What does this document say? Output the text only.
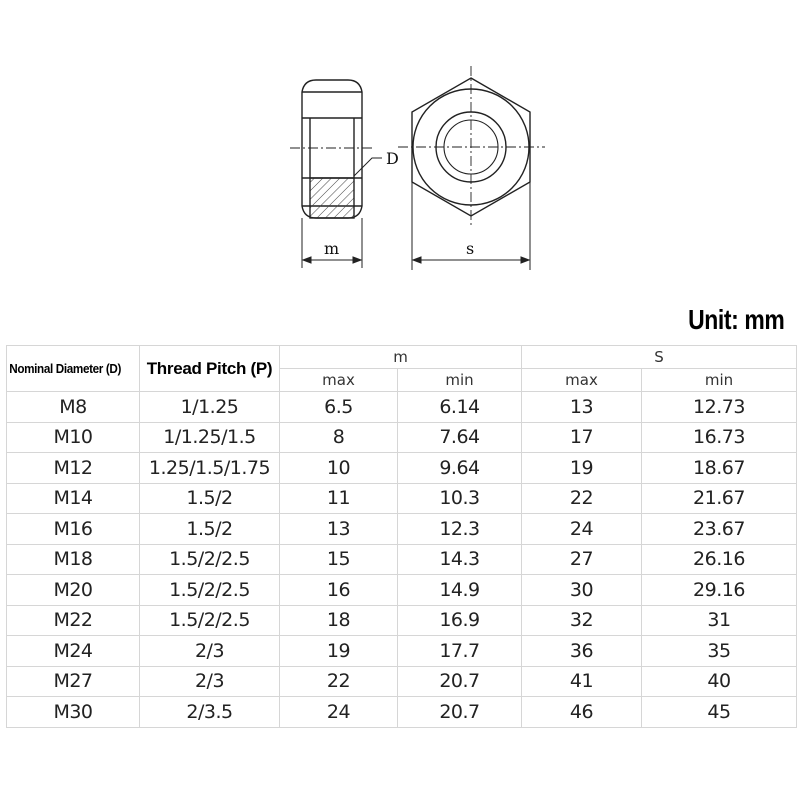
D
m	s
Unit: mm
Nominal Diameter (D)	Thread Pitch (P)	m		S	
		max	min	max	min
M8	1/1.25	6.5	6.14	13	12.73
M10	1/1.25/1.5	8	7.64	17	16.73
M12	1.25/1.5/1.75	10	9.64	19	18.67
M14	1.5/2	11	10.3	22	21.67
M16	1.5/2	13	12.3	24	23.67
M18	1.5/2/2.5	15	14.3	27	26.16
M20	1.5/2/2.5	16	14.9	30	29.16
M22	1.5/2/2.5	18	16.9	32	31
M24	2/3	19	17.7	36	35
M27	2/3	22	20.7	41	40
M30	2/3.5	24	20.7	46	45
